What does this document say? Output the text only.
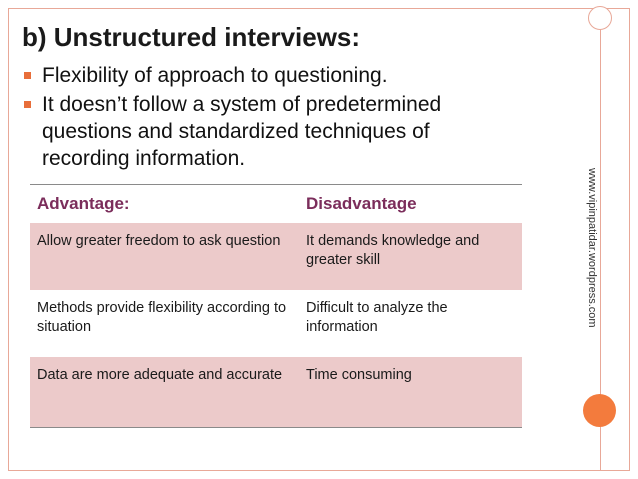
www.vipinpatidar.wordpress.com
b) Unstructured interviews:
Flexibility of approach to questioning.
It doesn’t follow a system of predetermined questions and standardized techniques of recording information.
Advantage:	Disadvantage
Allow greater freedom to ask question	It demands knowledge and greater skill
Methods provide flexibility according to situation	Difficult to analyze the information
Data are more adequate and accurate	Time consuming
